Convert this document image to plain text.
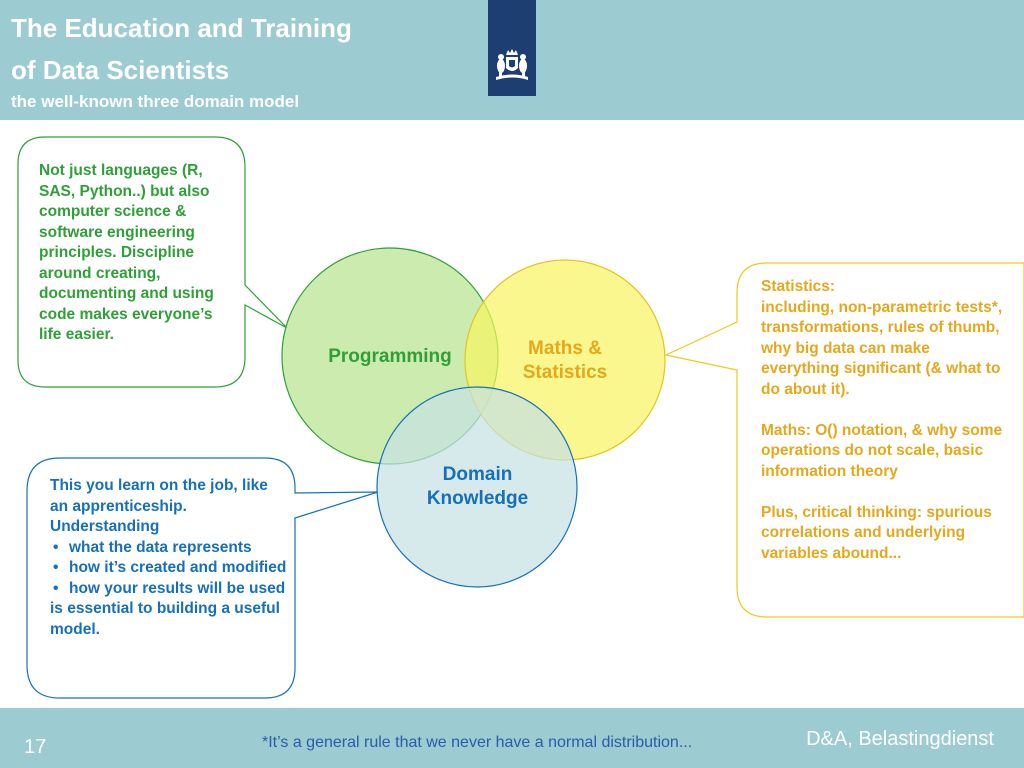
The Education and Training
of Data Scientists
the well-known three domain model
Programming	Maths &
Statistics
Domain
Knowledge
Not just languages (R, SAS, Python..) but also computer science & software engineering principles. Discipline around creating, documenting and using code makes everyone’s life easier.

Statistics:
including, non-parametric tests*, transformations, rules of thumb, why big data can make everything significant (& what to do about it).

Maths: O() notation, & why some operations do not scale, basic information theory

Plus, critical thinking: spurious correlations and underlying variables abound...

This you learn on the job, like an apprenticeship. Understanding
• what the data represents
• how it’s created and modified
• how your results will be used
is essential to building a useful model.
17	*It’s a general rule that we never have a normal distribution...	D&A, Belastingdienst
